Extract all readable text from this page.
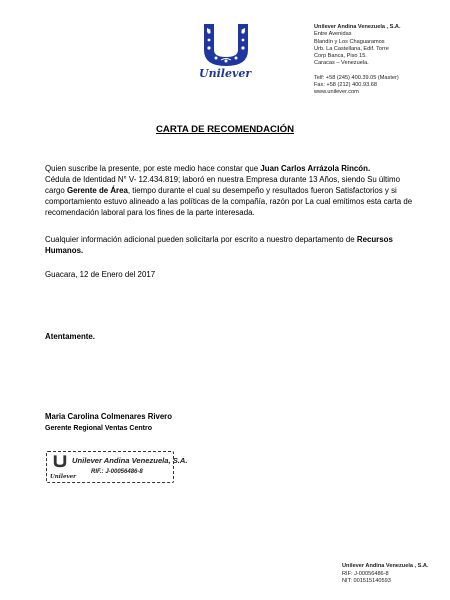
Unilever
Unilever Andina Venezuela , S.A.
Entre Avenidas
Blandín y Los Chaguaramos
Urb. La Castellana, Edif. Torre
Corp Banca, Piso 15.
Caracas – Venezuela.
Telf: +58 (245) 400.39.05 (Master)
Fax: +58 (212) 400.93.68
www.unilever.com
CARTA DE RECOMENDACIÓN
Quien suscribe la presente, por este medio hace constar que Juan Carlos Arrázola Rincón.
Cédula de Identidad N° V- 12.434.819; laboró en nuestra Empresa durante 13 Años, siendo Su último cargo Gerente de Área, tiempo durante el cual su desempeño y resultados fueron Satisfactorios y si comportamiento estuvo alineado a las políticas de la compañía, razón por La cual emitimos esta carta de recomendación laboral para los fines de la parte interesada.
Cualquier información adicional pueden solicitarla por escrito a nuestro departamento de Recursos Humanos.
Guacara, 12 de Enero del 2017
Atentamente.
Maria Carolina Colmenares Rivero
Gerente Regional Ventas Centro
Unilever
Unilever Andina Venezuela, S.A.
RIF.: J-00056486-8
Unilever Andina Venezuela , S.A.
RIF: J-00056486-8
NIT: 001515140593
